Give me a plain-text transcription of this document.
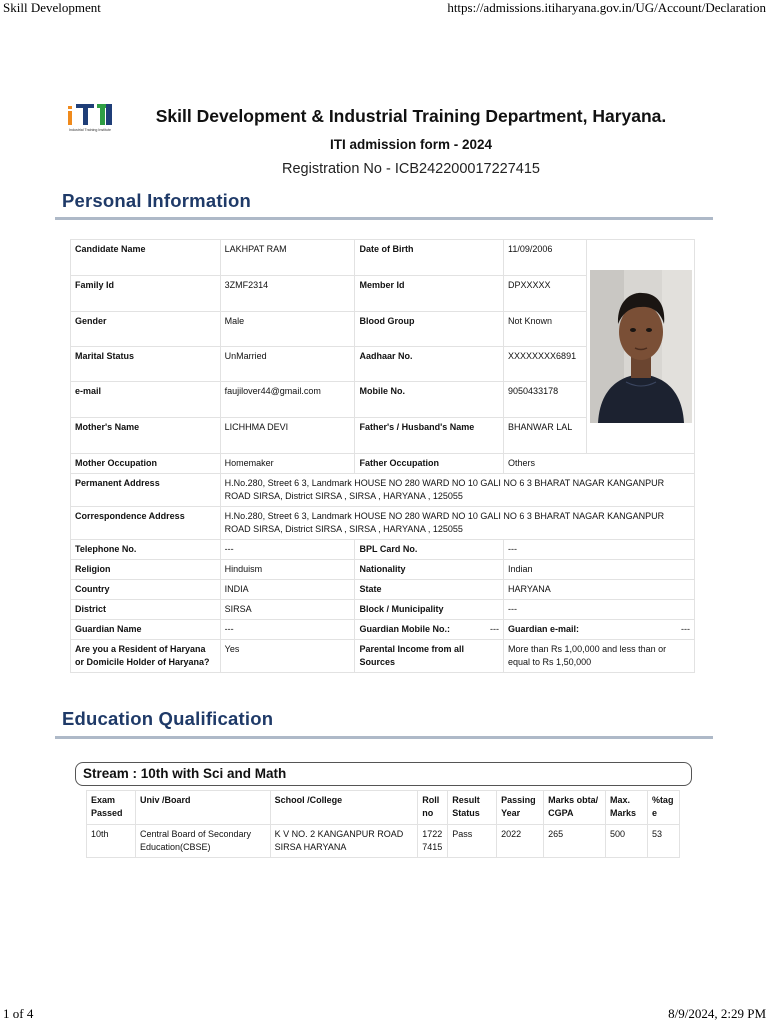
Skill Development	https://admissions.itiharyana.gov.in/UG/Account/Declaration
Industrial Training Institute
Skill Development & Industrial Training Department, Haryana.
ITI admission form - 2024
Registration No - ICB242200017227415
Personal Information
Candidate Name	LAKHPAT RAM	Date of Birth	11/09/2006	

Family Id	3ZMF2314	Member Id	DPXXXXX	
Gender	Male	Blood Group	Not Known	
Marital Status	UnMarried	Aadhaar No.	XXXXXXXX6891	
e-mail	faujilover44@gmail.com	Mobile No.	9050433178	
Mother's Name	LICHHMA DEVI	Father's / Husband's Name	BHANWAR LAL	
Mother Occupation	Homemaker	Father Occupation	Others	
Permanent Address	H.No.280, Street 6 3, Landmark HOUSE NO 280 WARD NO 10 GALI NO 6 3 BHARAT NAGAR KANGANPUR ROAD SIRSA, District SIRSA , SIRSA , HARYANA , 125055			
Correspondence Address	H.No.280, Street 6 3, Landmark HOUSE NO 280 WARD NO 10 GALI NO 6 3 BHARAT NAGAR KANGANPUR ROAD SIRSA, District SIRSA , SIRSA , HARYANA , 125055			
Telephone No.	---	BPL Card No.	---	
Religion	Hinduism	Nationality	Indian	
Country	INDIA	State	HARYANA	
District	SIRSA	Block / Municipality	---	
Guardian Name	---	Guardian Mobile No.: ---	Guardian e-mail: ---	

Are you a Resident of Haryana or Domicile Holder of Haryana?	Yes	Parental Income from all Sources	More than Rs 1,00,000 and less than or equal to Rs 1,50,000	
Education Qualification
Stream : 10th with Sci and Math
Exam Passed	Univ /Board	School /College	Roll no	Result Status	Passing Year	Marks obta/ CGPA	Max. Marks	%tag e
10th	Central Board of Secondary Education(CBSE)	K V NO. 2 KANGANPUR ROAD SIRSA HARYANA	17227415	Pass	2022	265	500	53
1 of 4	8/9/2024, 2:29 PM
